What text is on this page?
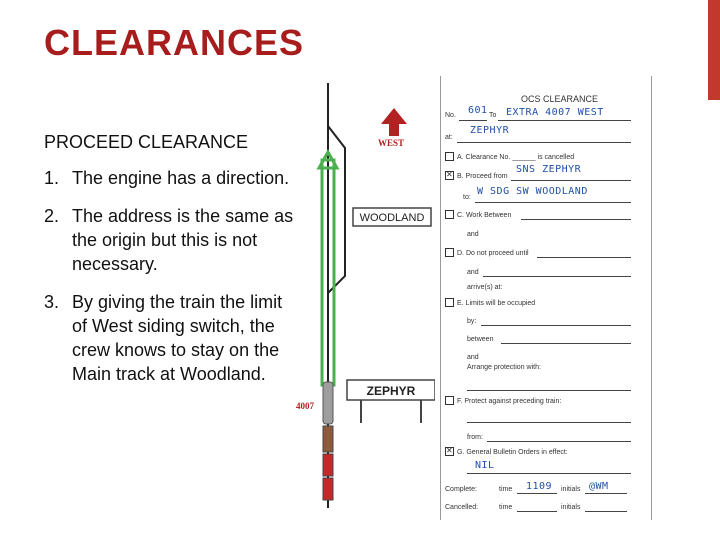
CLEARANCES
PROCEED CLEARANCE
1. The engine has a direction.
2. The address is the same as the origin but this is not necessary.
3. By giving the train the limit of West siding switch, the crew knows to stay on the Main track at Woodland.
WEST
WOODLAND
ZEPHYR
4007
OCS CLEARANCE
No. 601 To EXTRA 4007 WEST
at:
ZEPHYR
A. Clearance No. ______ is cancelled
✕
B. Proceed from
SNS ZEPHYR
to:
W SDG SW WOODLAND
C. Work Between
and
D. Do not proceed until
and
arrive(s) at:
E. Limits will be occupied
by:
between
and
Arrange protection with:
F. Protect against preceding train:
from:
✕
G. General Bulletin Orders in effect:
NIL
Complete:	time 1109 initials @WM
Cancelled:	time	initials
